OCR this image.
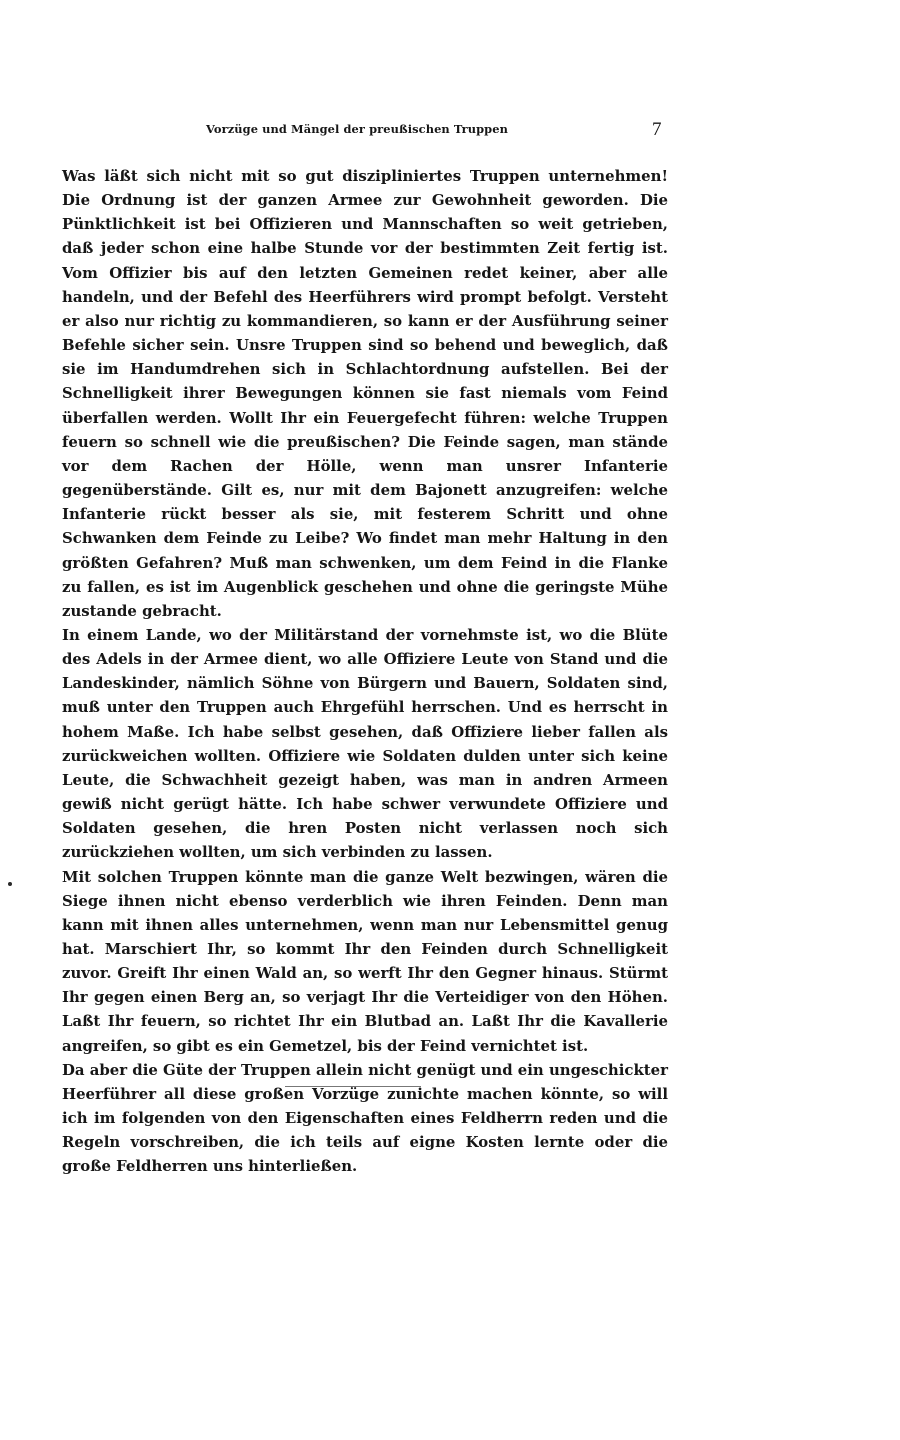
Vorzüge und Mängel der preußischen Truppen	7

Was läßt sich nicht mit so gut diszipliniertes Truppen unternehmen! Die Ordnung ist der ganzen Armee zur Gewohnheit geworden. Die Pünktlichkeit ist bei Offizieren und Mannschaften so weit getrieben, daß jeder schon eine halbe Stunde vor der bestimmten Zeit fertig ist. Vom Offizier bis auf den letzten Gemeinen redet keiner, aber alle handeln, und der Befehl des Heerführers wird prompt befolgt. Versteht er also nur richtig zu kommandieren, so kann er der Ausführung seiner Befehle sicher sein. Unsre Truppen sind so behend und beweglich, daß sie im Handumdrehen sich in Schlachtordnung aufstellen. Bei der Schnelligkeit ihrer Bewegungen können sie fast niemals vom Feind überfallen werden. Wollt Ihr ein Feuergefecht führen: welche Truppen feuern so schnell wie die preußischen? Die Feinde sagen, man stände vor dem Rachen der Hölle, wenn man unsrer Infanterie gegenüberstände. Gilt es, nur mit dem Bajonett anzugreifen: welche Infanterie rückt besser als sie, mit festerem Schritt und ohne Schwanken dem Feinde zu Leibe? Wo findet man mehr Haltung in den größten Gefahren? Muß man schwenken, um dem Feind in die Flanke zu fallen, es ist im Augenblick geschehen und ohne die geringste Mühe zustande gebracht.

In einem Lande, wo der Militärstand der vornehmste ist, wo die Blüte des Adels in der Armee dient, wo alle Offiziere Leute von Stand und die Landeskinder, nämlich Söhne von Bürgern und Bauern, Soldaten sind, muß unter den Truppen auch Ehrgefühl herrschen. Und es herrscht in hohem Maße. Ich habe selbst gesehen, daß Offiziere lieber fallen als zurückweichen wollten. Offiziere wie Soldaten dulden unter sich keine Leute, die Schwachheit gezeigt haben, was man in andren Armeen gewiß nicht gerügt hätte. Ich habe schwer verwundete Offiziere und Soldaten gesehen, die hren Posten nicht verlassen noch sich zurückziehen wollten, um sich verbinden zu lassen.

Mit solchen Truppen könnte man die ganze Welt bezwingen, wären die Siege ihnen nicht ebenso verderblich wie ihren Feinden. Denn man kann mit ihnen alles unternehmen, wenn man nur Lebensmittel genug hat. Marschiert Ihr, so kommt Ihr den Feinden durch Schnelligkeit zuvor. Greift Ihr einen Wald an, so werft Ihr den Gegner hinaus. Stürmt Ihr gegen einen Berg an, so verjagt Ihr die Verteidiger von den Höhen. Laßt Ihr feuern, so richtet Ihr ein Blutbad an. Laßt Ihr die Kavallerie angreifen, so gibt es ein Gemetzel, bis der Feind vernichtet ist.

Da aber die Güte der Truppen allein nicht genügt und ein ungeschickter Heerführer all diese großen Vorzüge zunichte machen könnte, so will ich im folgenden von den Eigenschaften eines Feldherrn reden und die Regeln vorschreiben, die ich teils auf eigne Kosten lernte oder die große Feldherren uns hinterließen.
